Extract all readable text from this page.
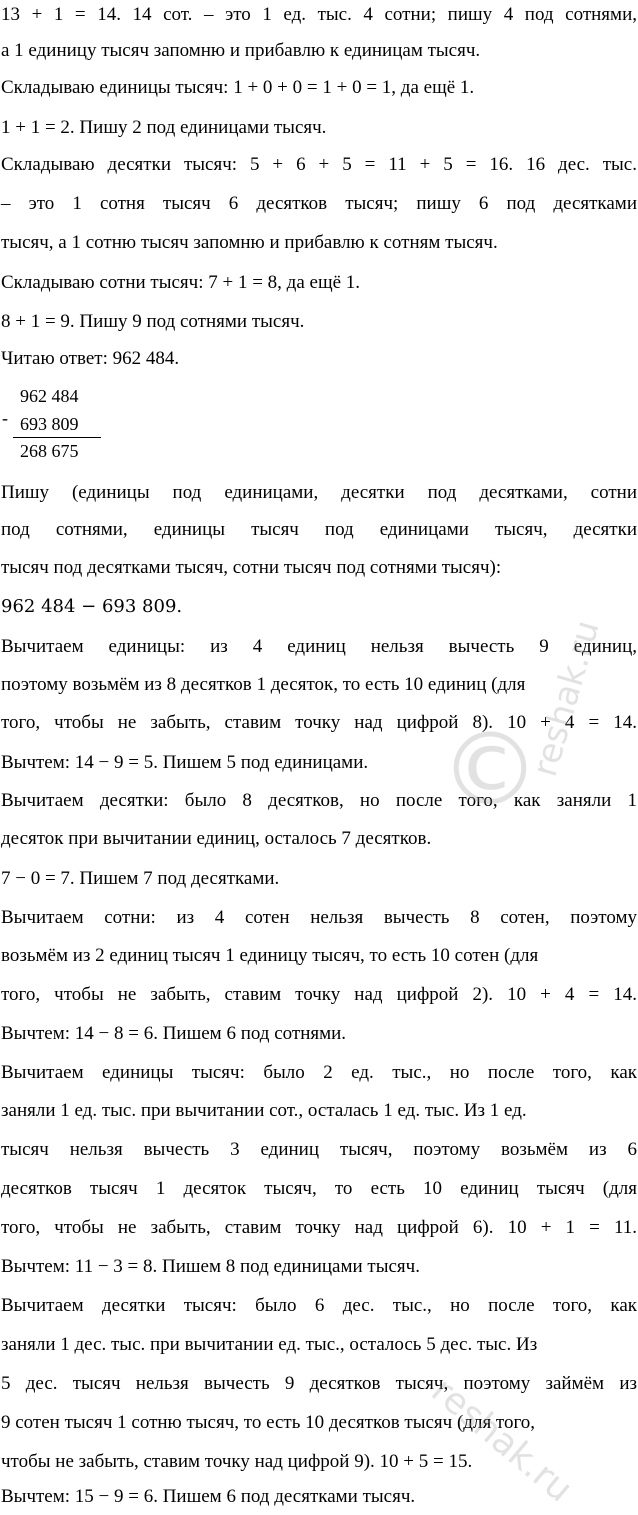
13 + 1 = 14. 14 сот. – это 1 ед. тыс. 4 сотни; пишу 4 под сотнями,
а 1 единицу тысяч запомню и прибавлю к единицам тысяч.
Складываю единицы тысяч: 1 + 0 + 0 = 1 + 0 = 1, да ещё 1.
1 + 1 = 2. Пишу 2 под единицами тысяч.
Складываю десятки тысяч: 5 + 6 + 5 = 11 + 5 = 16. 16 дес. тыс.
– это 1 сотня тысяч 6 десятков тысяч; пишу 6 под десятками
тысяч, а 1 сотню тысяч запомню и прибавлю к сотням тысяч.
Складываю сотни тысяч: 7 + 1 = 8, да ещё 1.
8 + 1 = 9. Пишу 9 под сотнями тысяч.
Читаю ответ: 962 484.
-
962 484
693 809
268 675
Пишу (единицы под единицами, десятки под десятками, сотни
под сотнями, единицы тысяч под единицами тысяч, десятки
тысяч под десятками тысяч, сотни тысяч под сотнями тысяч):
962 484 − 693 809.
Вычитаем единицы: из 4 единиц нельзя вычесть 9 единиц,
поэтому возьмём из 8 десятков 1 десяток, то есть 10 единиц (для
того, чтобы не забыть, ставим точку над цифрой 8). 10 + 4 = 14.
Вычтем: 14 − 9 = 5. Пишем 5 под единицами.
Вычитаем десятки: было 8 десятков, но после того, как заняли 1
десяток при вычитании единиц, осталось 7 десятков.
7 − 0 = 7. Пишем 7 под десятками.
Вычитаем сотни: из 4 сотен нельзя вычесть 8 сотен, поэтому
возьмём из 2 единиц тысяч 1 единицу тысяч, то есть 10 сотен (для
того, чтобы не забыть, ставим точку над цифрой 2). 10 + 4 = 14.
Вычтем: 14 − 8 = 6. Пишем 6 под сотнями.
Вычитаем единицы тысяч: было 2 ед. тыс., но после того, как
заняли 1 ед. тыс. при вычитании сот., осталась 1 ед. тыс. Из 1 ед.
тысяч нельзя вычесть 3 единиц тысяч, поэтому возьмём из 6
десятков тысяч 1 десяток тысяч, то есть 10 единиц тысяч (для
того, чтобы не забыть, ставим точку над цифрой 6). 10 + 1 = 11.
Вычтем: 11 − 3 = 8. Пишем 8 под единицами тысяч.
Вычитаем десятки тысяч: было 6 дес. тыс., но после того, как
заняли 1 дес. тыс. при вычитании ед. тыс., осталось 5 дес. тыс. Из
5 дес. тысяч нельзя вычесть 9 десятков тысяч, поэтому займём из
9 сотен тысяч 1 сотню тысяч, то есть 10 десятков тысяч (для того,
чтобы не забыть, ставим точку над цифрой 9). 10 + 5 = 15.
Вычтем: 15 − 9 = 6. Пишем 6 под десятками тысяч.
©
reshak.ru
reshak.ru
